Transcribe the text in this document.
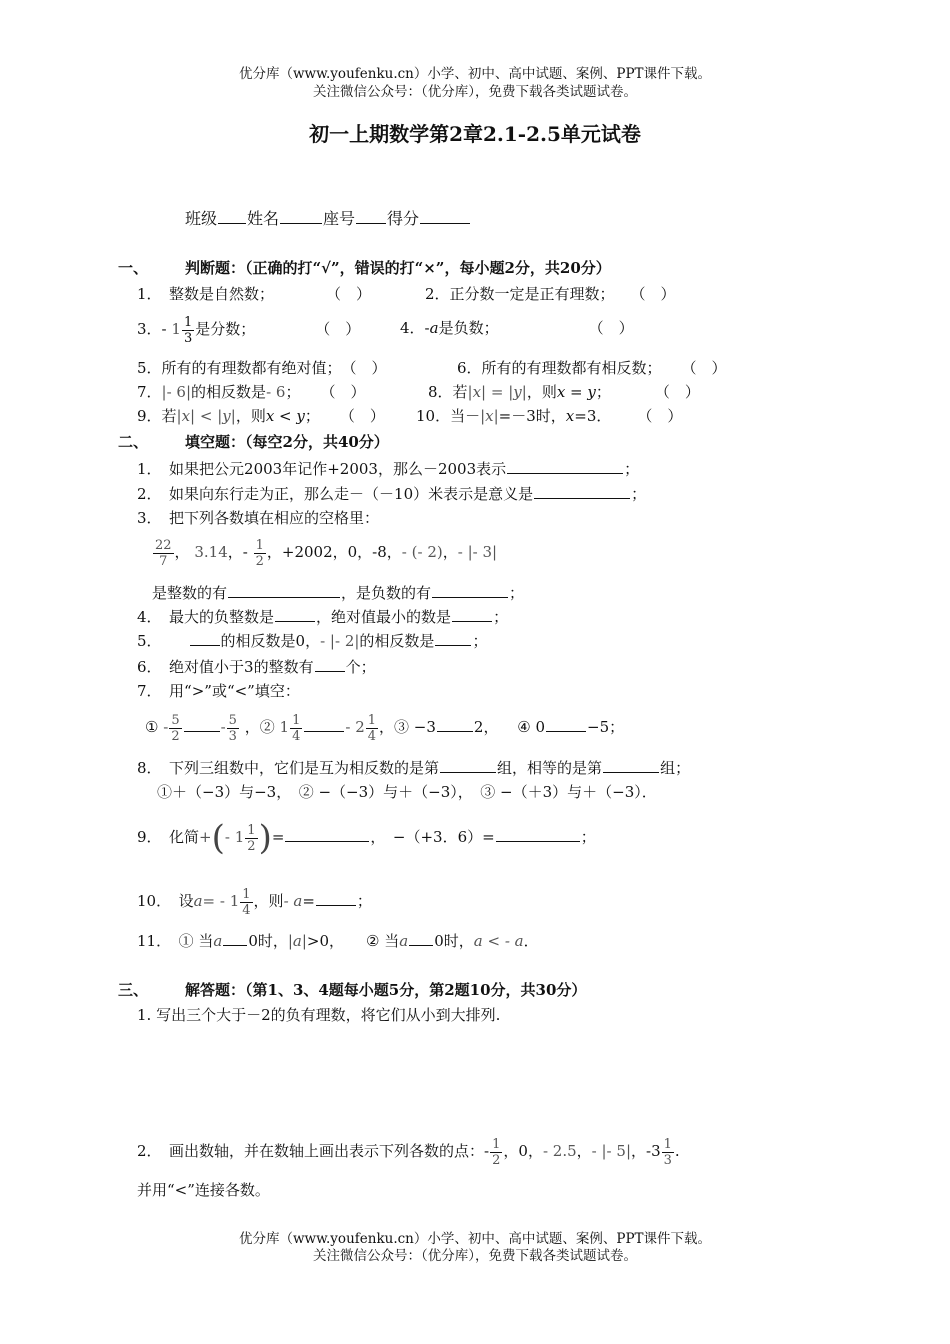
优分库（www.youfenku.cn）小学、初中、高中试题、案例、PPT课件下载。
关注微信公众号：（优分库），免费下载各类试题试卷。
初一上期数学第2章2.1-2.5单元试卷
班级 姓名	座号 得分
一、 判断题：（正确的打“√”，错误的打“×”，每小题2分，共20分）
1．　整数是自然数；	（　）	2．正分数一定是正有理数； （　）
3．- $1 \frac{1}{3}$ 是分数；	（　）	4．-a是负数；	（　）
5．所有的有理数都有绝对值；（　）	6．所有的有理数都有相反数； （　）
7．|- 6|的相反数是- 6； （　）	8．若|x| = |y|，则x = y；	（　）
9．若|x| < |y|，则x < y； （　） 10．当－|x|=－3时，x=3． （　）
二、 填空题：（每空2分，共40分）
1．　如果把公元2003年记作+2003，那么－2003表示	；
2．　如果向东行走为正，那么走－（－10）米表示是意义是	；
3．　把下列各数填在相应的空格里：
$\frac{22}{7}$ ， 3.14，- $\frac{1}{2}$ ，+2002，0，-8，- (- 2)，- |- 3|
是整数的有	，是负数的有	；
4．　最大的负整数是	，绝对值最小的数是	；
5．	的相反数是0，- |- 2|的相反数是	；
6．　绝对值小于3的整数有 个；
7．　用“>”或“<”填空：
① - $\frac{5}{2}$	- $\frac{5}{3}$ ，② $1 \frac{1}{4}$	- $2 \frac{1}{4}$ ，③ −3	2， ④ 0	−5；
8．　下列三组数中，它们是互为相反数的是第	组，相等的是第	组；
①＋（−3）与−3，　② −（−3）与＋（−3），　③ −（＋3）与＋（−3）．
9．　化简+(- $1 \frac{1}{2}$ )=	，　−（+3．6）=	；
10．　设$a= - 1 \frac{1}{4}$ ，则- a=	；
11．　① 当a 0时，|a|>0， ② 当a 0时，a < - a．
三、 解答题：（第1、3、4题每小题5分，第2题10分，共30分）
1. 写出三个大于－2的负有理数，将它们从小到大排列.
2．　画出数轴，并在数轴上画出表示下列各数的点：- $\frac{1}{2}$ ，0，- 2.5，- |- 5|，$-3 \frac{1}{3}$ .
并用“<”连接各数。
优分库（www.youfenku.cn）小学、初中、高中试题、案例、PPT课件下载。
关注微信公众号：（优分库），免费下载各类试题试卷。
